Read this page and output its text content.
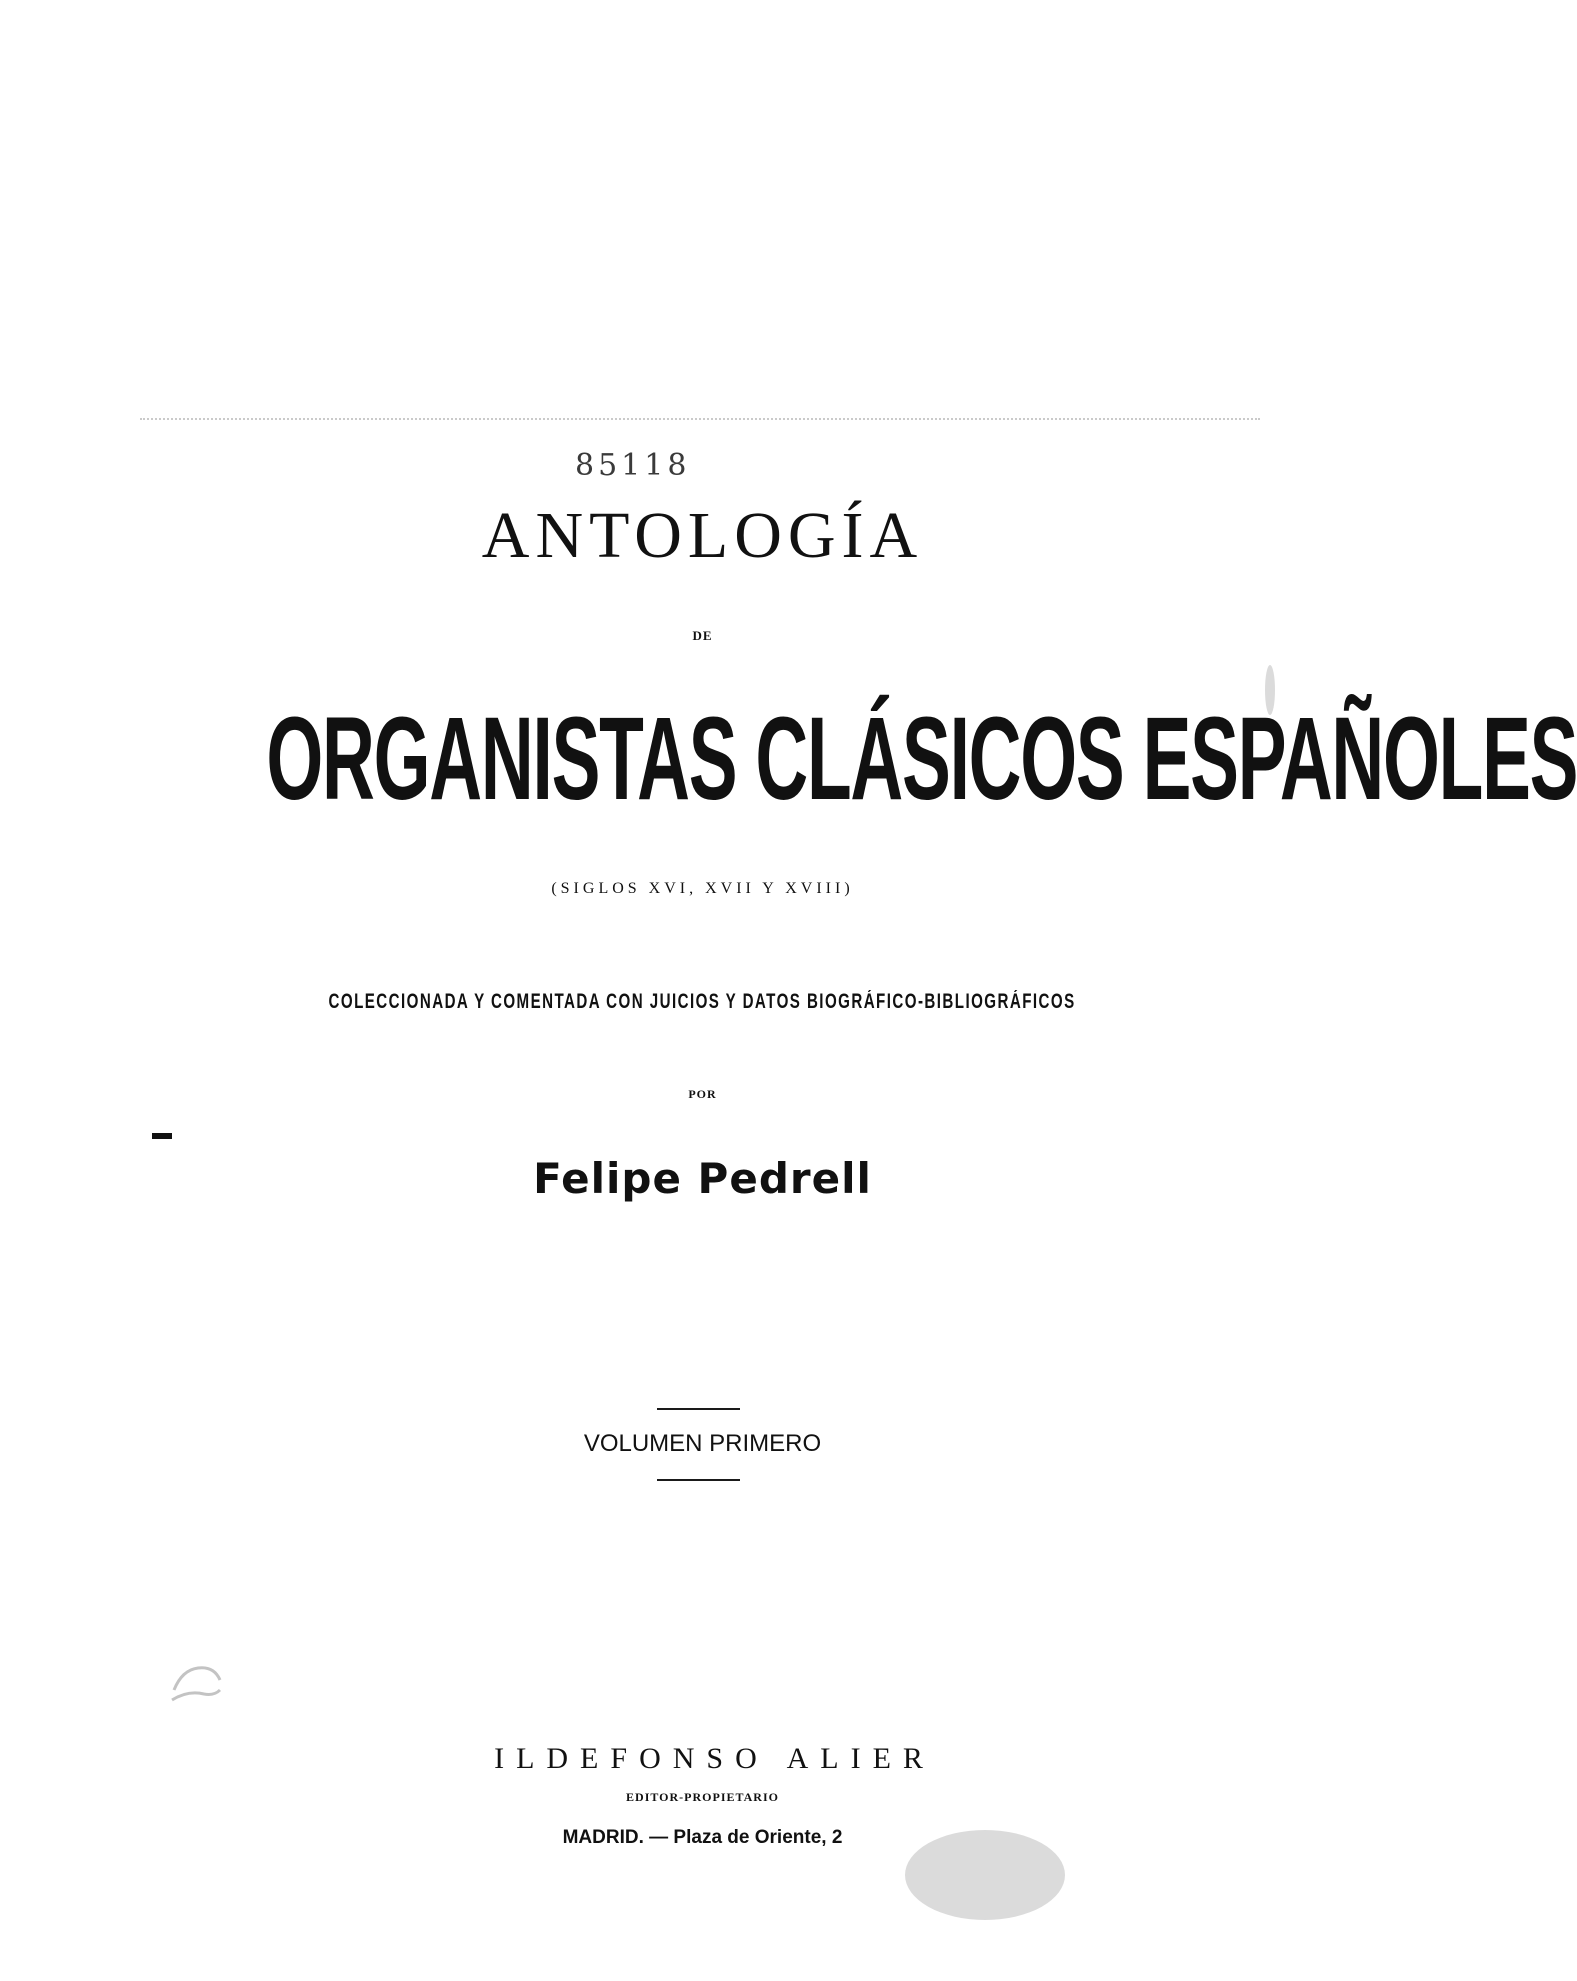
85118
ANTOLOGÍA
DE
ORGANISTAS CLÁSICOS ESPAÑOLES
(SIGLOS XVI, XVII Y XVIII)
COLECCIONADA Y COMENTADA CON JUICIOS Y DATOS BIOGRÁFICO-BIBLIOGRÁFICOS
POR
Felipe Pedrell
VOLUMEN PRIMERO
ILDEFONSO ALIER
EDITOR-PROPIETARIO
MADRID. — Plaza de Oriente, 2
